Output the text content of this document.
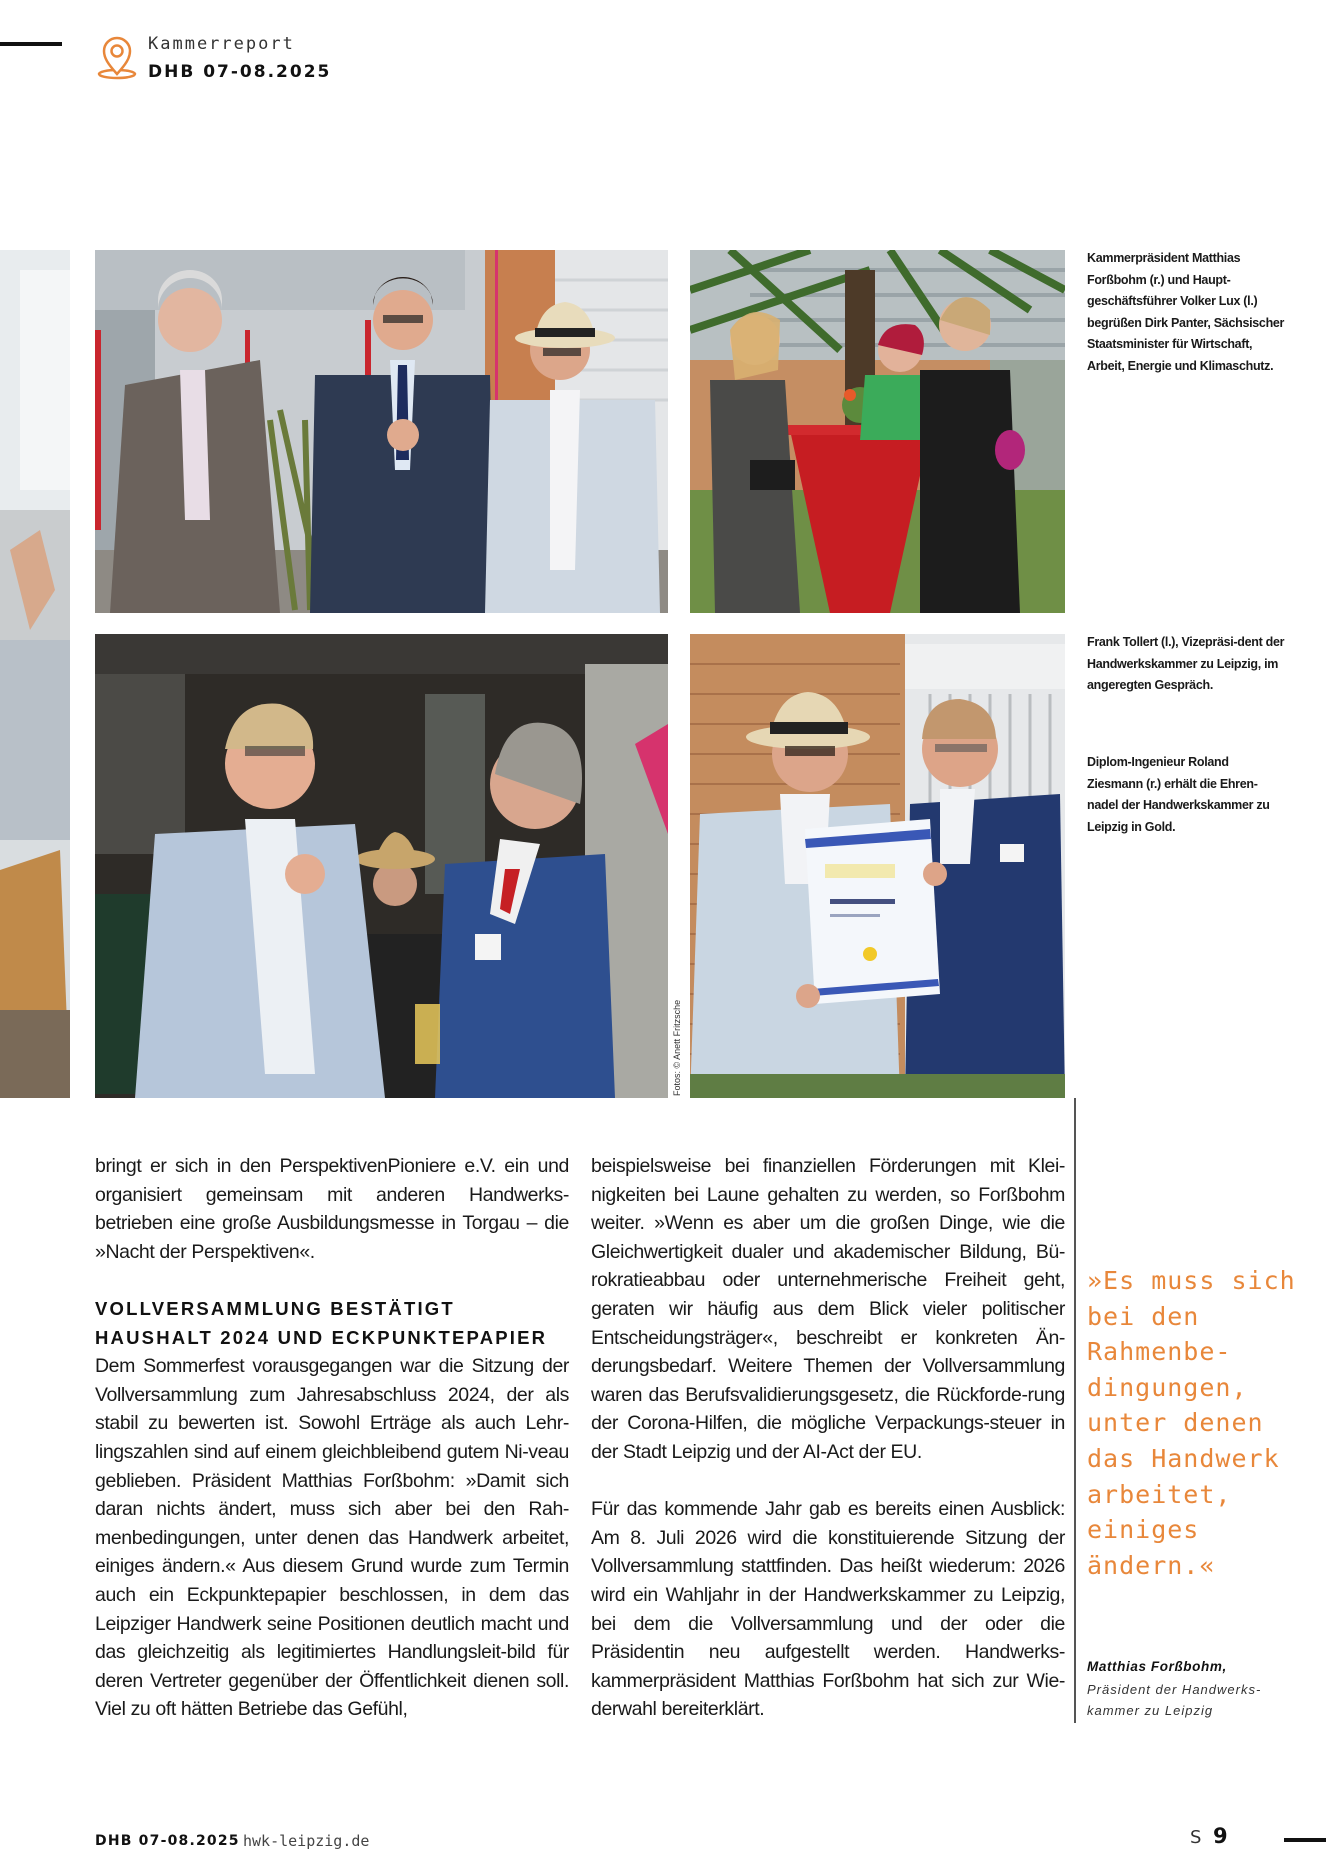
Kammerreport
DHB 07-08.2025
Fotos: © Anett Fritzsche
Kammerpräsident Matthias Forßbohm (r.) und Haupt-geschäftsführer Volker Lux (l.) begrüßen Dirk Panter, Sächsischer Staatsminister für Wirtschaft, Arbeit, Energie und Klimaschutz.
Frank Tollert (l.), Vizepräsi-dent der Handwerkskammer zu Leipzig, im angeregten Gespräch.
Diplom-Ingenieur Roland Ziesmann (r.) erhält die Ehren-nadel der Handwerkskammer zu Leipzig in Gold.

bringt er sich in den PerspektivenPioniere e.V. ein und organisiert gemeinsam mit anderen Handwerks-betrieben eine große Ausbildungsmesse in Torgau – die »Nacht der Perspektiven«.

VOLLVERSAMMLUNG BESTÄTIGT
HAUSHALT 2024 UND ECKPUNKTEPAPIER

Dem Sommerfest vorausgegangen war die Sitzung der Vollversammlung zum Jahresabschluss 2024, der als stabil zu bewerten ist. Sowohl Erträge als auch Lehr-lingszahlen sind auf einem gleichbleibend gutem Ni-veau geblieben. Präsident Matthias Forßbohm: »Damit sich daran nichts ändert, muss sich aber bei den Rah-menbedingungen, unter denen das Handwerk arbeitet, einiges ändern.« Aus diesem Grund wurde zum Termin auch ein Eckpunktepapier beschlossen, in dem das Leipziger Handwerk seine Positionen deutlich macht und das gleichzeitig als legitimiertes Handlungsleit-bild für deren Vertreter gegenüber der Öffentlichkeit dienen soll. Viel zu oft hätten Betriebe das Gefühl,

beispielsweise bei finanziellen Förderungen mit Klei-nigkeiten bei Laune gehalten zu werden, so Forßbohm weiter. »Wenn es aber um die großen Dinge, wie die Gleichwertigkeit dualer und akademischer Bildung, Bü-rokratieabbau oder unternehmerische Freiheit geht, geraten wir häufig aus dem Blick vieler politischer Entscheidungsträger«, beschreibt er konkreten Än-derungsbedarf. Weitere Themen der Vollversammlung waren das Berufsvalidierungsgesetz, die Rückforde-rung der Corona-Hilfen, die mögliche Verpackungs-steuer in der Stadt Leipzig und der AI-Act der EU.

Für das kommende Jahr gab es bereits einen Ausblick: Am 8. Juli 2026 wird die konstituierende Sitzung der Vollversammlung stattfinden. Das heißt wiederum: 2026 wird ein Wahljahr in der Handwerkskammer zu Leipzig, bei dem die Vollversammlung und der oder die Präsidentin neu aufgestellt werden. Handwerks-kammerpräsident Matthias Forßbohm hat sich zur Wie-derwahl bereiterklärt.

»Es muss sich bei den Rahmenbe-dingungen, unter denen das Handwerk arbeitet, einiges ändern.«
Matthias Forßbohm,
Präsident der Handwerks-kammer zu Leipzig
DHB 07-08.2025 hwk-leipzig.de	S 9
